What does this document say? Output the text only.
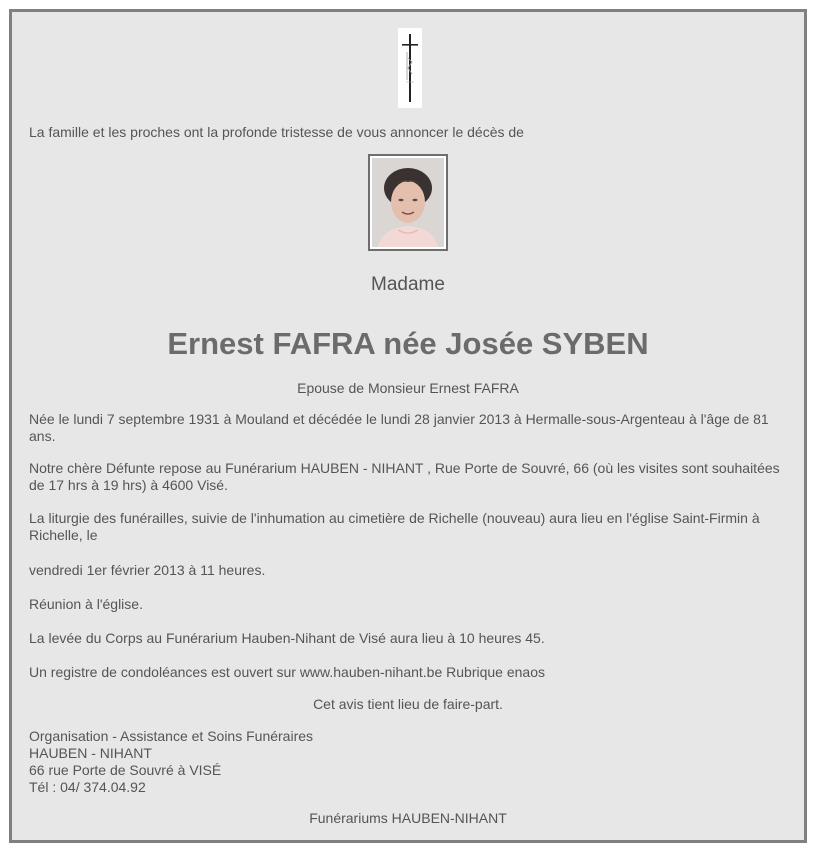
La famille et les proches ont la profonde tristesse de vous annoncer le décès de

Madame

Ernest FAFRA née Josée SYBEN

Epouse de Monsieur Ernest FAFRA

Née le lundi 7 septembre 1931 à Mouland et décédée le lundi 28 janvier 2013 à Hermalle-sous-Argenteau à l'âge de 81 ans.

Notre chère Défunte repose au Funérarium HAUBEN - NIHANT , Rue Porte de Souvré, 66 (où les visites sont souhaitées de 17 hrs à 19 hrs) à 4600 Visé.

La liturgie des funérailles, suivie de l'inhumation au cimetière de Richelle (nouveau) aura lieu en l'église Saint-Firmin à Richelle, le

vendredi 1er février 2013 à 11 heures.

Réunion à l'église.

La levée du Corps au Funérarium Hauben-Nihant de Visé aura lieu à 10 heures 45.

Un registre de condoléances est ouvert sur www.hauben-nihant.be Rubrique enaos

Cet avis tient lieu de faire-part.

Organisation - Assistance et Soins Funéraires
HAUBEN - NIHANT
66 rue Porte de Souvré à VISÉ
Tél : 04/ 374.04.92

Funérariums HAUBEN-NIHANT
